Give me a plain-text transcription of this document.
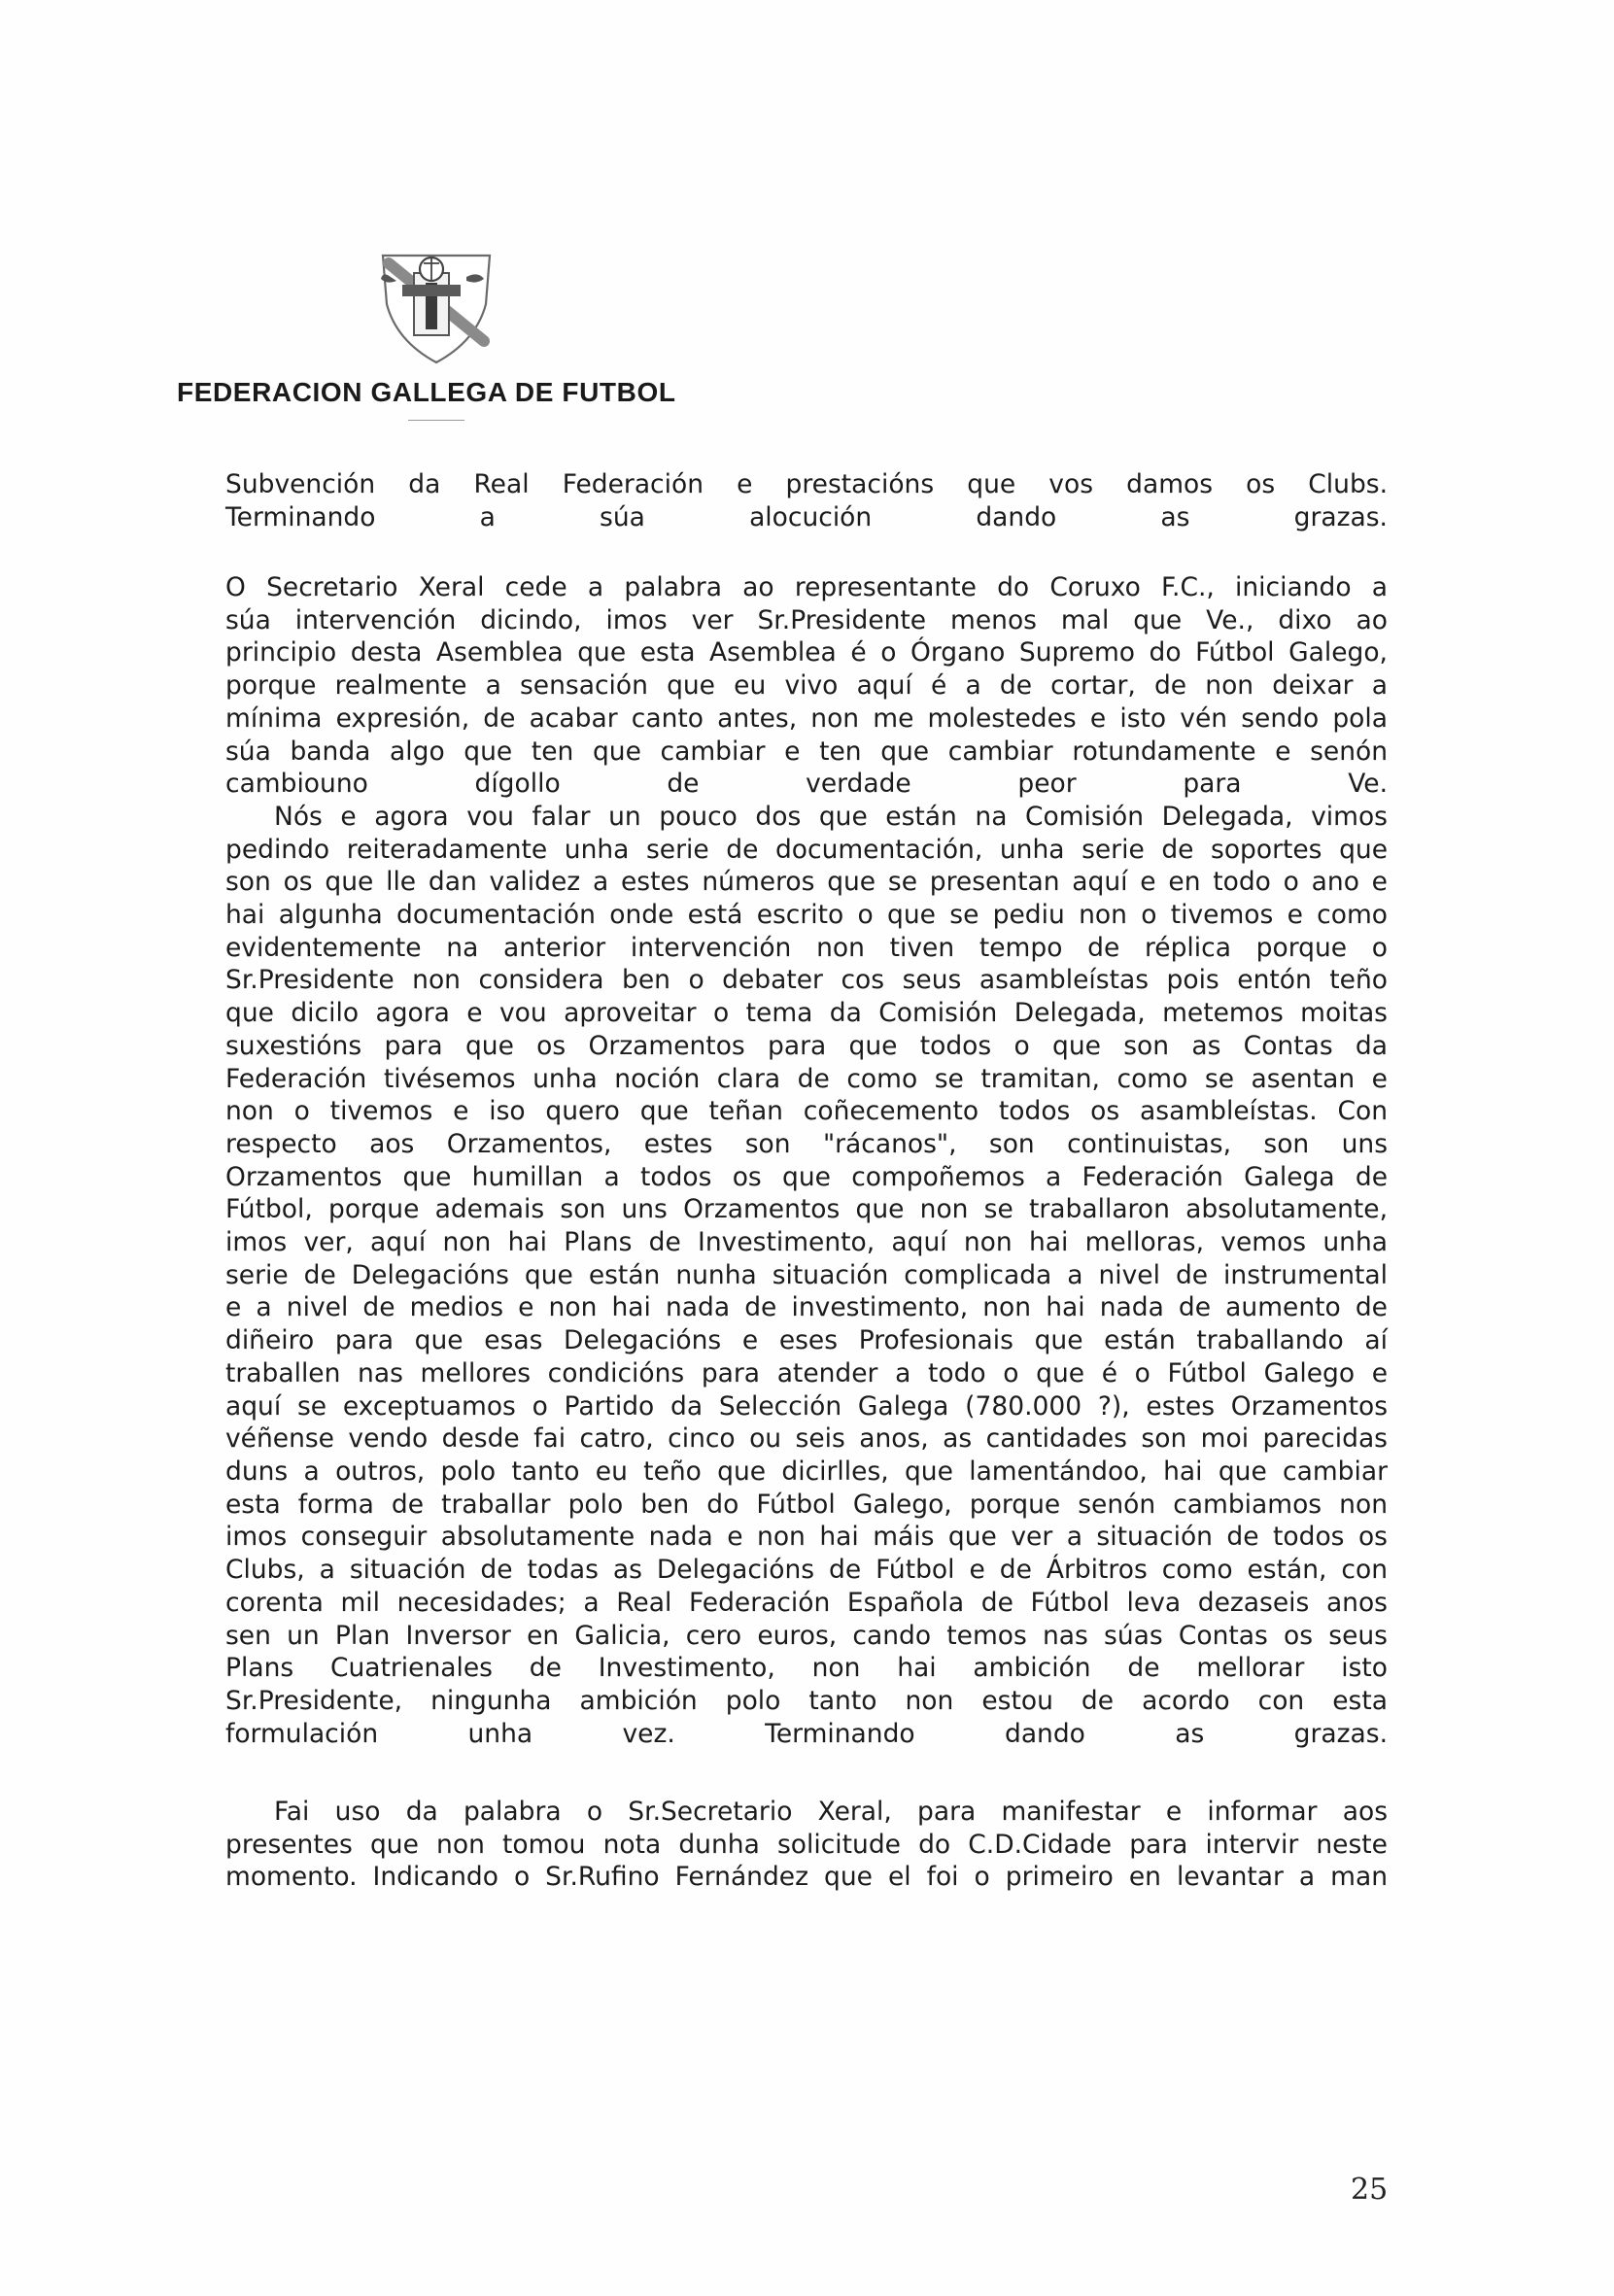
FEDERACION GALLEGA DE FUTBOL
Subvención da Real Federación e prestacións que vos damos os Clubs.
Terminando a súa alocución dando as grazas.
O Secretario Xeral cede a palabra ao representante do Coruxo F.C., iniciando a
súa intervención dicindo, imos ver Sr.Presidente menos mal que Ve., dixo ao
principio desta Asemblea que esta Asemblea é o Órgano Supremo do Fútbol Galego,
porque realmente a sensación que eu vivo aquí é a de cortar, de non deixar a
mínima expresión, de acabar canto antes, non me molestedes e isto vén sendo pola
súa banda algo que ten que cambiar e ten que cambiar rotundamente e senón
cambiouno dígollo de verdade peor para Ve.
Nós e agora vou falar un pouco dos que están na Comisión Delegada, vimos
pedindo reiteradamente unha serie de documentación, unha serie de soportes que
son os que lle dan validez a estes números que se presentan aquí e en todo o ano e
hai algunha documentación onde está escrito o que se pediu non o tivemos e como
evidentemente na anterior intervención non tiven tempo de réplica porque o
Sr.Presidente non considera ben o debater cos seus asambleístas pois entón teño
que dicilo agora e vou aproveitar o tema da Comisión Delegada, metemos moitas
suxestións para que os Orzamentos para que todos o que son as Contas da
Federación tivésemos unha noción clara de como se tramitan, como se asentan e
non o tivemos e iso quero que teñan coñecemento todos os asambleístas. Con
respecto aos Orzamentos, estes son "rácanos", son continuistas, son uns
Orzamentos que humillan a todos os que compoñemos a Federación Galega de
Fútbol, porque ademais son uns Orzamentos que non se traballaron absolutamente,
imos ver, aquí non hai Plans de Investimento, aquí non hai melloras, vemos unha
serie de Delegacións que están nunha situación complicada a nivel de instrumental
e a nivel de medios e non hai nada de investimento, non hai nada de aumento de
diñeiro para que esas Delegacións e eses Profesionais que están traballando aí
traballen nas mellores condicións para atender a todo o que é o Fútbol Galego e
aquí se exceptuamos o Partido da Selección Galega (780.000 ?), estes Orzamentos
véñense vendo desde fai catro, cinco ou seis anos, as cantidades son moi parecidas
duns a outros, polo tanto eu teño que dicirlles, que lamentándoo, hai que cambiar
esta forma de traballar polo ben do Fútbol Galego, porque senón cambiamos non
imos conseguir absolutamente nada e non hai máis que ver a situación de todos os
Clubs, a situación de todas as Delegacións de Fútbol e de Árbitros como están, con
corenta mil necesidades; a Real Federación Española de Fútbol leva dezaseis anos
sen un Plan Inversor en Galicia, cero euros, cando temos nas súas Contas os seus
Plans Cuatrienales de Investimento, non hai ambición de mellorar isto
Sr.Presidente, ningunha ambición polo tanto non estou de acordo con esta
formulación unha vez. Terminando dando as grazas.
Fai uso da palabra o Sr.Secretario Xeral, para manifestar e informar aos
presentes que non tomou nota dunha solicitude do C.D.Cidade para intervir neste
momento. Indicando o Sr.Rufino Fernández que el foi o primeiro en levantar a man
25
